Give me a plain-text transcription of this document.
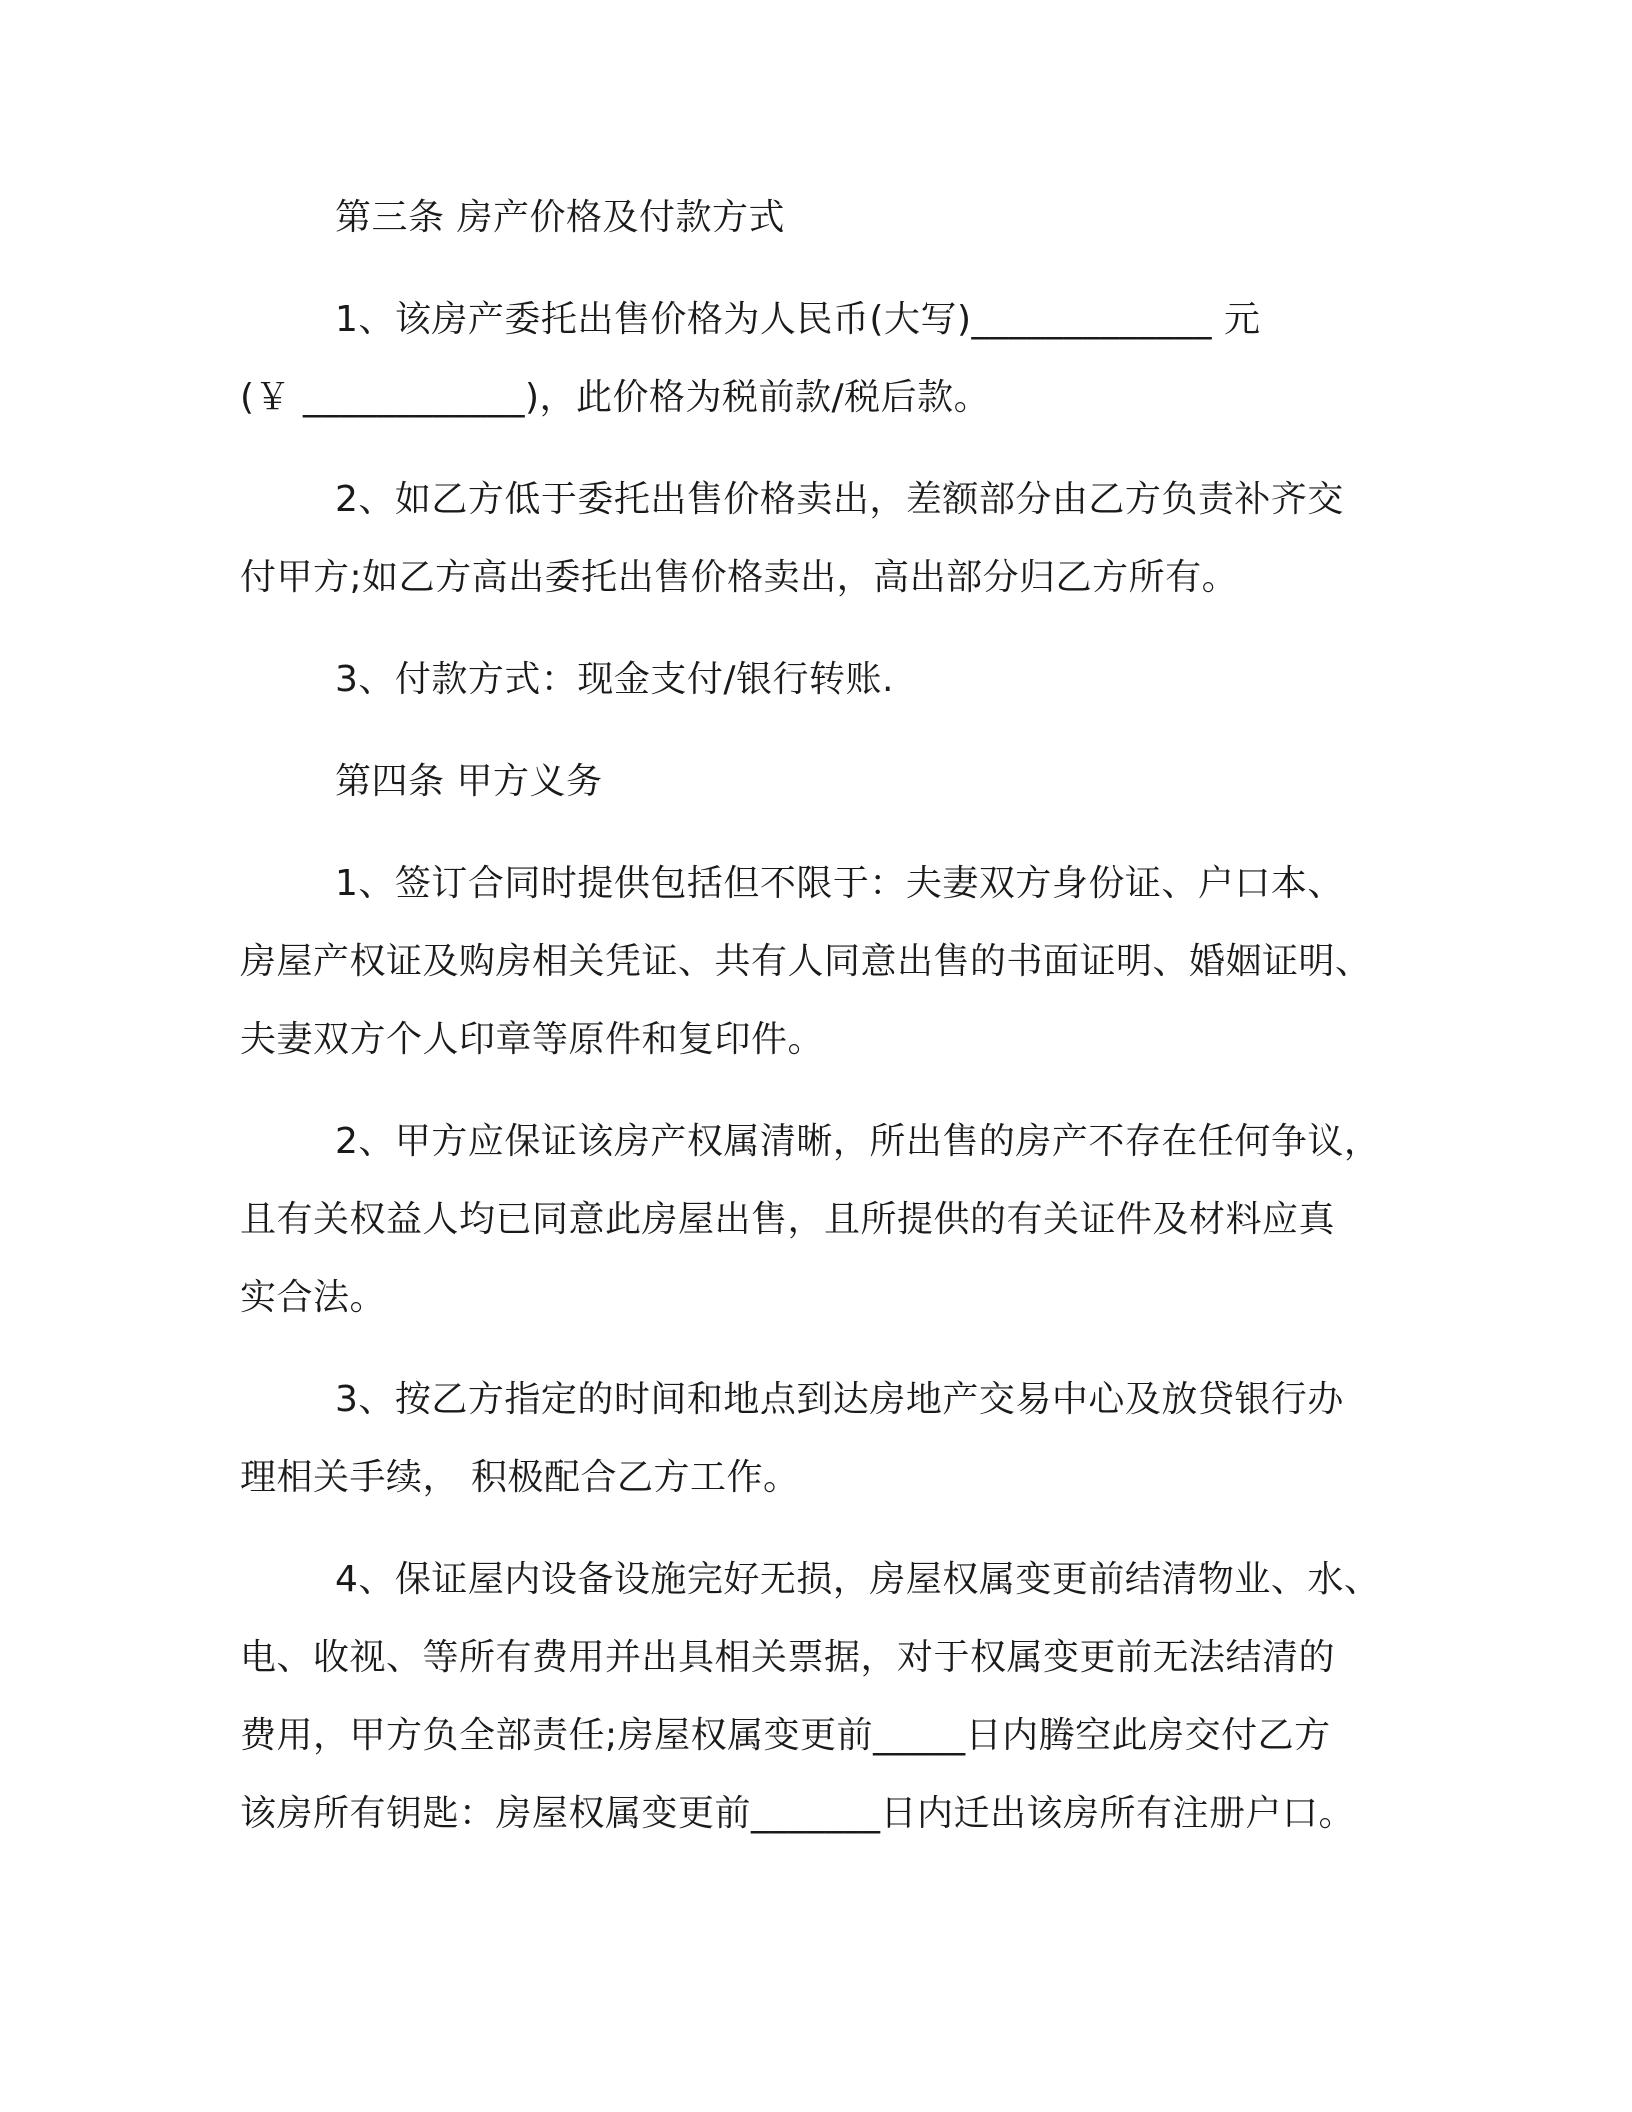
第三条 房产价格及付款方式
1、该房产委托出售价格为人民币(大写)_____________ 元
(￥ ____________)，此价格为税前款/税后款。
2、如乙方低于委托出售价格卖出，差额部分由乙方负责补齐交
付甲方;如乙方高出委托出售价格卖出，高出部分归乙方所有。
3、付款方式：现金支付/银行转账.
第四条 甲方义务
1、签订合同时提供包括但不限于：夫妻双方身份证、户口本、
房屋产权证及购房相关凭证、共有人同意出售的书面证明、婚姻证明、
夫妻双方个人印章等原件和复印件。
2、甲方应保证该房产权属清晰，所出售的房产不存在任何争议，
且有关权益人均已同意此房屋出售，且所提供的有关证件及材料应真
实合法。
3、按乙方指定的时间和地点到达房地产交易中心及放贷银行办
理相关手续， 积极配合乙方工作。
4、保证屋内设备设施完好无损，房屋权属变更前结清物业、水、
电、收视、等所有费用并出具相关票据，对于权属变更前无法结清的
费用，甲方负全部责任;房屋权属变更前_____日内腾空此房交付乙方
该房所有钥匙：房屋权属变更前_______日内迁出该房所有注册户口。
